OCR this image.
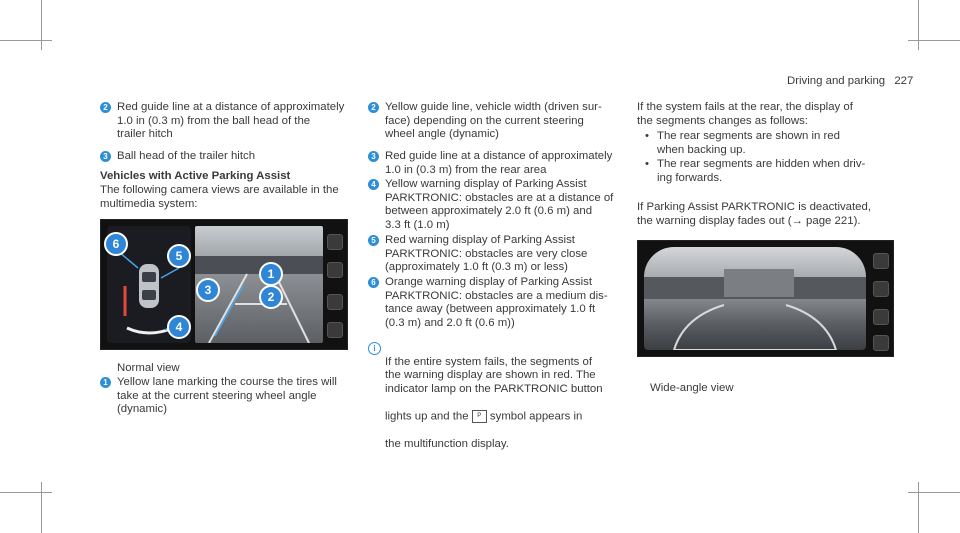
Driving and parking 227
2 Red guide line at a distance of approximately
1.0 in (0.3 m) from the ball head of the
trailer hitch
3 Ball head of the trailer hitch
Vehicles with Active Parking Assist
The following camera views are available in the
multimedia system:
6
5
4
3
1
2
Normal view
1 Yellow lane marking the course the tires will
take at the current steering wheel angle
(dynamic)
2 Yellow guide line, vehicle width (driven sur-
face) depending on the current steering
wheel angle (dynamic)
3 Red guide line at a distance of approximately
1.0 in (0.3 m) from the rear area
4 Yellow warning display of Parking Assist
PARKTRONIC: obstacles are at a distance of
between approximately 2.0 ft (0.6 m) and
3.3 ft (1.0 m)
5 Red warning display of Parking Assist
PARKTRONIC: obstacles are very close
(approximately 1.0 ft (0.3 m) or less)
6 Orange warning display of Parking Assist
PARKTRONIC: obstacles are a medium dis-
tance away (between approximately 1.0 ft
(0.3 m) and 2.0 ft (0.6 m))
i

If the entire system fails, the segments of
the warning display are shown in red. The
indicator lamp on the PARKTRONIC button

lights up and the P symbol appears in

the multifunction display.

If the system fails at the rear, the display of
the segments changes as follows:
• The rear segments are shown in red
when backing up.
• The rear segments are hidden when driv-
ing forwards.
If Parking Assist PARKTRONIC is deactivated,
the warning display fades out (→ page 221).
Wide-angle view
